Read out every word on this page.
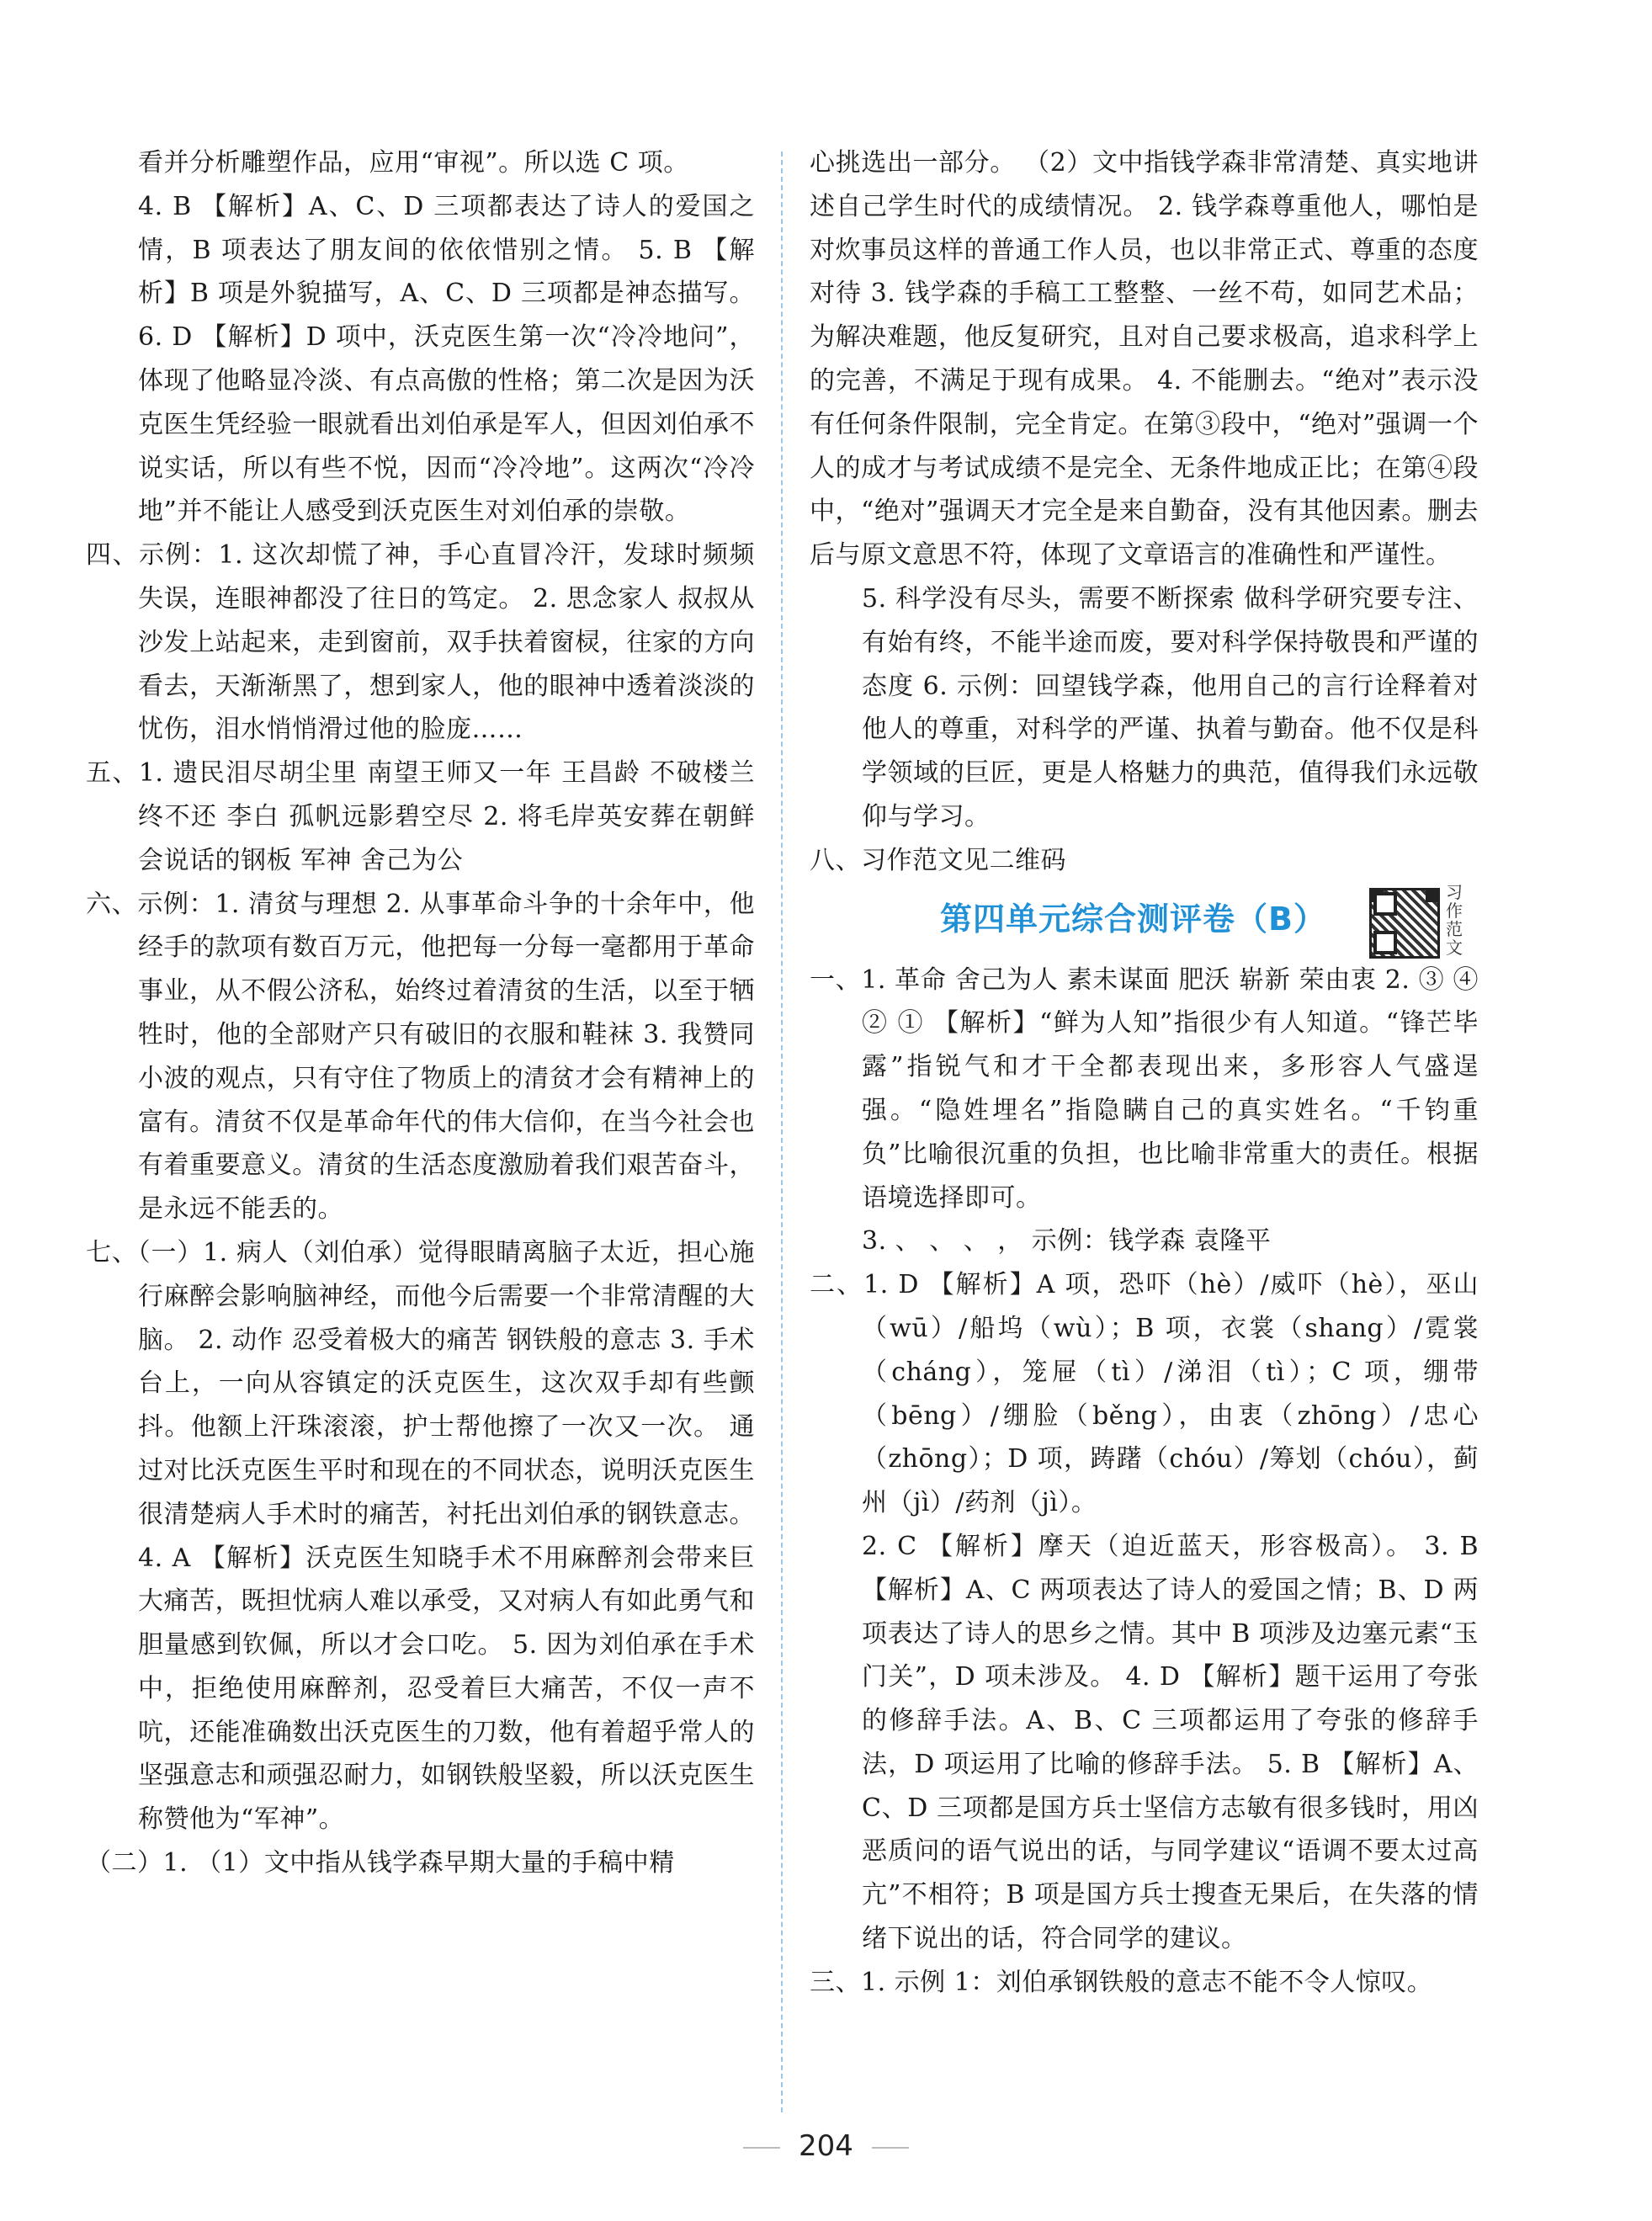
看并分析雕塑作品，应用“审视”。所以选 C 项。

4. B 【解析】A、C、D 三项都表达了诗人的爱国之情，B 项表达了朋友间的依依惜别之情。 5. B 【解析】B 项是外貌描写，A、C、D 三项都是神态描写。 6. D 【解析】D 项中，沃克医生第一次“冷冷地问”，体现了他略显冷淡、有点高傲的性格；第二次是因为沃克医生凭经验一眼就看出刘伯承是军人，但因刘伯承不说实话，所以有些不悦，因而“冷冷地”。这两次“冷冷地”并不能让人感受到沃克医生对刘伯承的崇敬。

四、示例：1. 这次却慌了神，手心直冒冷汗，发球时频频失误，连眼神都没了往日的笃定。 2. 思念家人 叔叔从沙发上站起来，走到窗前，双手扶着窗棂，往家的方向看去，天渐渐黑了，想到家人，他的眼神中透着淡淡的忧伤，泪水悄悄滑过他的脸庞……

五、1. 遗民泪尽胡尘里 南望王师又一年 王昌龄 不破楼兰终不还 李白 孤帆远影碧空尽 2. 将毛岸英安葬在朝鲜 会说话的钢板 军神 舍己为公

六、示例：1. 清贫与理想 2. 从事革命斗争的十余年中，他经手的款项有数百万元，他把每一分每一毫都用于革命事业，从不假公济私，始终过着清贫的生活，以至于牺牲时，他的全部财产只有破旧的衣服和鞋袜 3. 我赞同小波的观点，只有守住了物质上的清贫才会有精神上的富有。清贫不仅是革命年代的伟大信仰，在当今社会也有着重要意义。清贫的生活态度激励着我们艰苦奋斗，是永远不能丢的。

七、（一）1. 病人（刘伯承）觉得眼睛离脑子太近，担心施行麻醉会影响脑神经，而他今后需要一个非常清醒的大脑。 2. 动作 忍受着极大的痛苦 钢铁般的意志 3. 手术台上，一向从容镇定的沃克医生，这次双手却有些颤抖。他额上汗珠滚滚，护士帮他擦了一次又一次。 通过对比沃克医生平时和现在的不同状态，说明沃克医生很清楚病人手术时的痛苦，衬托出刘伯承的钢铁意志。 4. A 【解析】沃克医生知晓手术不用麻醉剂会带来巨大痛苦，既担忧病人难以承受，又对病人有如此勇气和胆量感到钦佩，所以才会口吃。 5. 因为刘伯承在手术中，拒绝使用麻醉剂，忍受着巨大痛苦，不仅一声不吭，还能准确数出沃克医生的刀数，他有着超乎常人的坚强意志和顽强忍耐力，如钢铁般坚毅，所以沃克医生称赞他为“军神”。

（二）1. （1）文中指从钱学森早期大量的手稿中精

心挑选出一部分。 （2）文中指钱学森非常清楚、真实地讲述自己学生时代的成绩情况。 2. 钱学森尊重他人，哪怕是对炊事员这样的普通工作人员，也以非常正式、尊重的态度对待 3. 钱学森的手稿工工整整、一丝不苟，如同艺术品；为解决难题，他反复研究，且对自己要求极高，追求科学上的完善，不满足于现有成果。 4. 不能删去。“绝对”表示没有任何条件限制，完全肯定。在第③段中，“绝对”强调一个人的成才与考试成绩不是完全、无条件地成正比；在第④段中，“绝对”强调天才完全是来自勤奋，没有其他因素。删去后与原文意思不符，体现了文章语言的准确性和严谨性。

5. 科学没有尽头，需要不断探索 做科学研究要专注、有始有终，不能半途而废，要对科学保持敬畏和严谨的态度 6. 示例：回望钱学森，他用自己的言行诠释着对他人的尊重，对科学的严谨、执着与勤奋。他不仅是科学领域的巨匠，更是人格魅力的典范，值得我们永远敬仰与学习。

八、习作范文见二维码

第四单元综合测评卷（B）
习作范文

一、1. 革命 舍己为人 素未谋面 肥沃 崭新 荣由衷 2. ③ ④ ② ① 【解析】“鲜为人知”指很少有人知道。“锋芒毕露”指锐气和才干全都表现出来，多形容人气盛逞强。“隐姓埋名”指隐瞒自己的真实姓名。“千钧重负”比喻很沉重的负担，也比喻非常重大的责任。根据语境选择即可。

3. 、 、 、 ， 示例：钱学森 袁隆平

二、1. D 【解析】A 项，恐吓（hè）/威吓（hè），巫山（wū）/船坞（wù）；B 项，衣裳（shang）/霓裳（cháng），笼屉（tì）/涕泪（tì）；C 项，绷带（bēng）/绷脸（běng），由衷（zhōng）/忠心（zhōng）；D 项，踌躇（chóu）/筹划（chóu），蓟州（jì）/药剂（jì）。

2. C 【解析】摩天（迫近蓝天，形容极高）。 3. B 【解析】A、C 两项表达了诗人的爱国之情；B、D 两项表达了诗人的思乡之情。其中 B 项涉及边塞元素“玉门关”，D 项未涉及。 4. D 【解析】题干运用了夸张的修辞手法。A、B、C 三项都运用了夸张的修辞手法，D 项运用了比喻的修辞手法。 5. B 【解析】A、C、D 三项都是国方兵士坚信方志敏有很多钱时，用凶恶质问的语气说出的话，与同学建议“语调不要太过高亢”不相符；B 项是国方兵士搜查无果后，在失落的情绪下说出的话，符合同学的建议。

三、1. 示例 1：刘伯承钢铁般的意志不能不令人惊叹。

204
